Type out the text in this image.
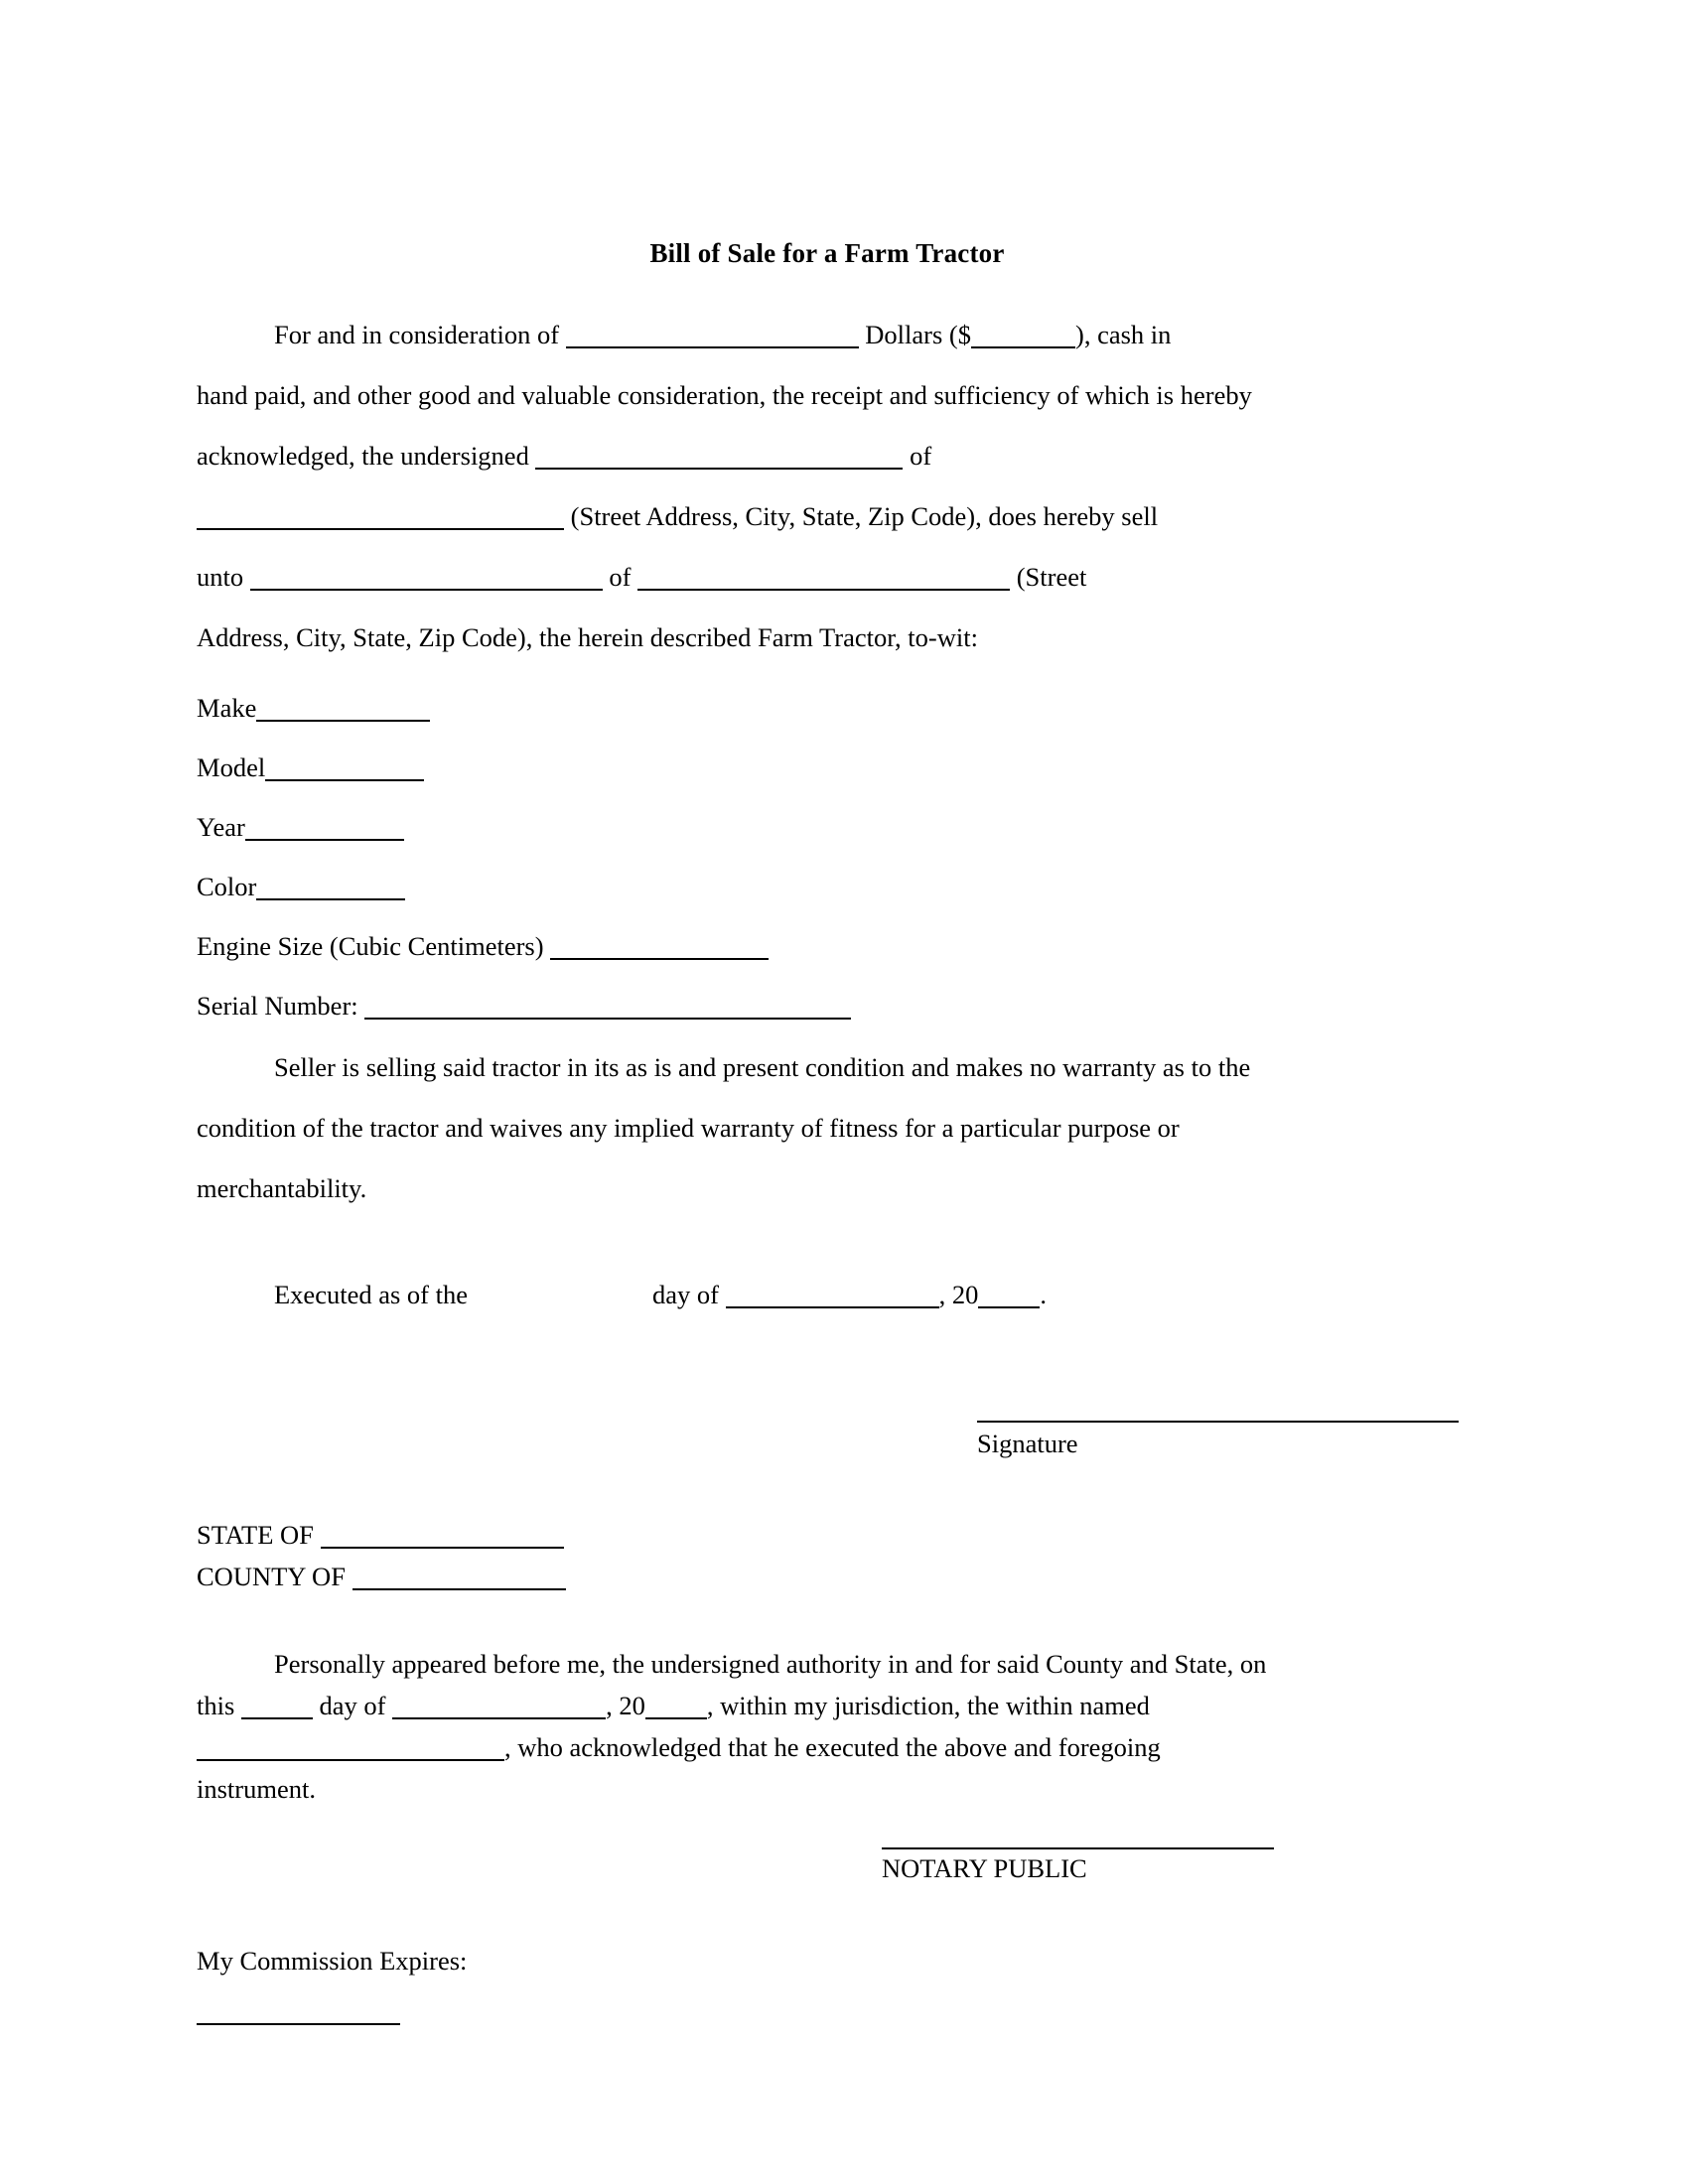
Bill of Sale for a Farm Tractor

For and in consideration of	Dollars ($	), cash in

hand paid, and other good and valuable consideration, the receipt and sufficiency of which is hereby

acknowledged, the undersigned	of

(Street Address, City, State, Zip Code), does hereby sell

unto	of	(Street

Address, City, State, Zip Code), the herein described Farm Tractor, to-wit:

Make
Model
Year
Color
Engine Size (Cubic Centimeters)
Serial Number:

Seller is selling said tractor in its as is and present condition and makes no warranty as to the

condition of the tractor and waives any implied warranty of fitness for a particular purpose or

merchantability.

Executed as of the	day of	, 20 .
Signature
STATE OF
COUNTY OF

Personally appeared before me, the undersigned authority in and for said County and State, on

this	day of	, 20 , within my jurisdiction, the within named

, who acknowledged that he executed the above and foregoing

instrument.

NOTARY PUBLIC
My Commission Expires:
